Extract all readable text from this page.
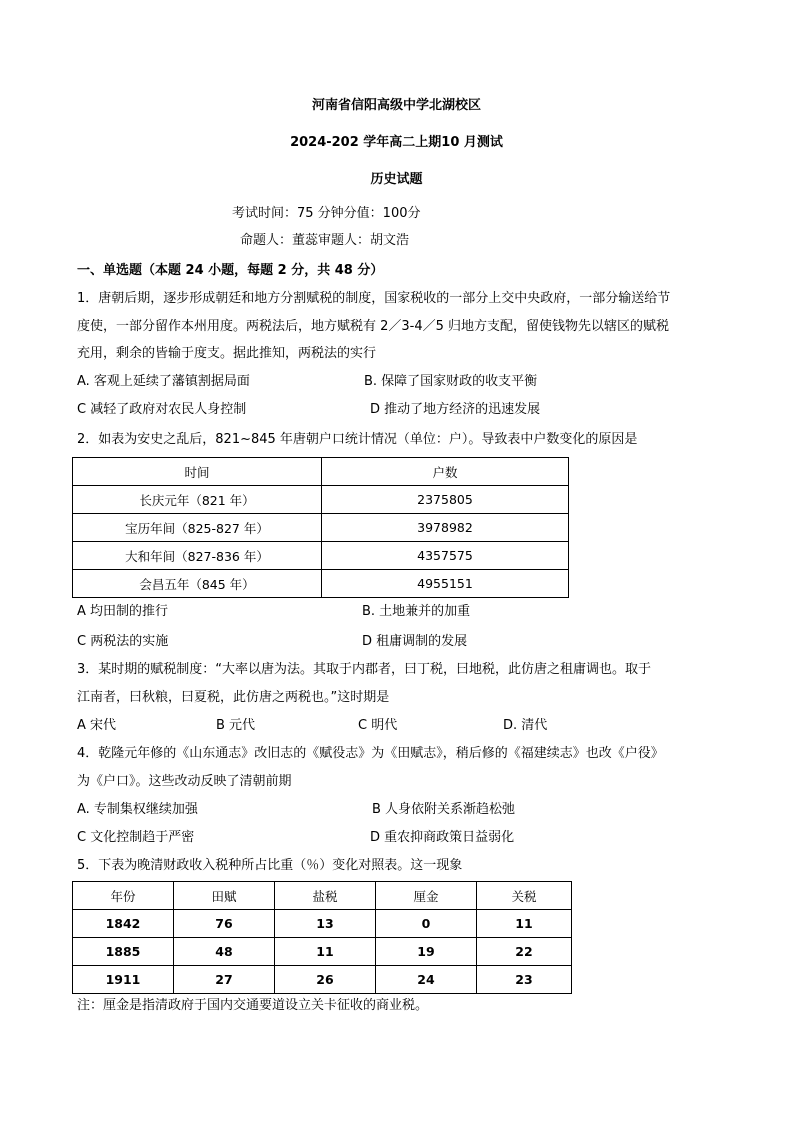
河南省信阳高级中学北湖校区
2024-202 学年高二上期10 月测试
历史试题
考试时间：75 分钟分值：100分
命题人：董蕊审题人：胡文浩
一、单选题（本题 24 小题，每题 2 分，共 48 分）
1．唐朝后期，逐步形成朝廷和地方分割赋税的制度，国家税收的一部分上交中央政府，一部分输送给节
度使，一部分留作本州用度。两税法后，地方赋税有 2／3-4／5 归地方支配，留使钱物先以辖区的赋税
充用，剩余的皆输于度支。据此推知，两税法的实行
A. 客观上延续了藩镇割据局面	B. 保障了国家财政的收支平衡
C 减轻了政府对农民人身控制	D 推动了地方经济的迅速发展
2．如表为安史之乱后，821~845 年唐朝户口统计情况（单位：户）。导致表中户数变化的原因是
时间	户数
长庆元年（821 年）	2375805
宝历年间（825-827 年）	3978982
大和年间（827-836 年）	4357575
会昌五年（845 年）	4955151
A 均田制的推行	B. 土地兼并的加重
C 两税法的实施	D 租庸调制的发展
3．某时期的赋税制度：“大率以唐为法。其取于内郡者，曰丁税，曰地税，此仿唐之租庸调也。取于
江南者，曰秋粮，曰夏税，此仿唐之两税也。”这时期是
A 宋代	B 元代	C 明代	D. 清代
4．乾隆元年修的《山东通志》改旧志的《赋役志》为《田赋志》，稍后修的《福建续志》也改《户役》
为《户口》。这些改动反映了清朝前期
A. 专制集权继续加强	B 人身依附关系渐趋松弛
C 文化控制趋于严密	D 重农抑商政策日益弱化
5．下表为晚清财政收入税种所占比重（％）变化对照表。这一现象
年份	田赋	盐税	厘金	关税
1842	76	13	0	11
1885	48	11	19	22
1911	27	26	24	23
注：厘金是指清政府于国内交通要道设立关卡征收的商业税。
